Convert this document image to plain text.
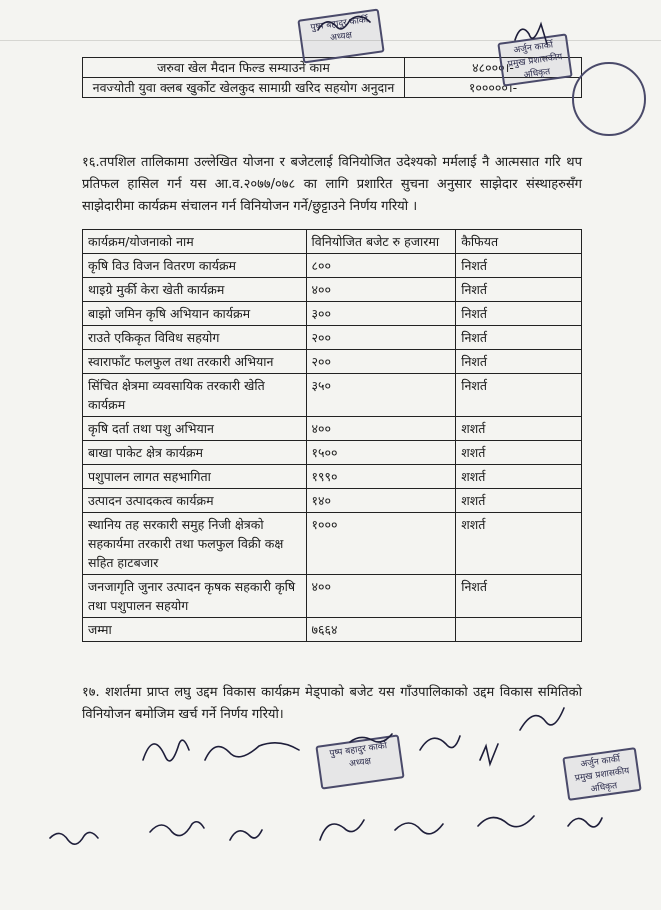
जरुवा खेल मैदान फिल्ड सम्याउने काम	४८०००।-
नवज्योती युवा क्लब खुर्कोट खेलकुद सामाग्री खरिद सहयोग अनुदान	१०००००।-
१६.तपशिल तालिकामा उल्लेखित योजना र बजेटलाई विनियोजित उदेश्यको मर्मलाई नै आत्मसात गरि थप प्रतिफल हासिल गर्न यस आ.व.२०७७/०७८ का लागि प्रशारित सुचना अनुसार साझेदार संस्थाहरुसँग साझेदारीमा कार्यक्रम संचालन गर्न विनियोजन गर्ने/छुट्टाउने निर्णय गरियो ।
कार्यक्रम/योजनाको नाम	विनियोजित बजेट रु हजारमा	कैफियत
कृषि विउ विजन वितरण कार्यक्रम	८००	निशर्त
थाइग्रे मुर्की केरा खेती कार्यक्रम	४००	निशर्त
बाझो जमिन कृषि अभियान कार्यक्रम	३००	निशर्त
राउते एकिकृत विविध सहयोग	२००	निशर्त
स्वाराफाँट फलफुल तथा तरकारी अभियान	२००	निशर्त
सिंचित क्षेत्रमा व्यवसायिक तरकारी खेति कार्यक्रम	३५०	निशर्त
कृषि दर्ता तथा पशु अभियान	४००	शशर्त
बाखा पाकेट क्षेत्र कार्यक्रम	१५००	शशर्त
पशुपालन लागत सहभागिता	१९९०	शशर्त
उत्पादन उत्पादकत्व कार्यक्रम	१४०	शशर्त
स्थानिय तह सरकारी समुह निजी क्षेत्रको सहकार्यमा तरकारी तथा फलफुल विक्री कक्ष सहित हाटबजार	१०००	शशर्त
जनजागृति जुनार उत्पादन कृषक सहकारी कृषि तथा पशुपालन सहयोग	४००	निशर्त
जम्मा	७६६४	
१७. शशर्तमा प्राप्त लघु उद्दम विकास कार्यक्रम मेड्पाको बजेट यस गाँउपालिकाको उद्दम विकास समितिको विनियोजन बमोजिम खर्च गर्ने निर्णय गरियो।
पुष्प बहादुर कार्की
अध्यक्ष
अर्जुन कार्की
प्रमुख प्रशासकीय अधिकृत
पुष्प बहादुर कार्की
अध्यक्ष	अर्जुन कार्की
प्रमुख प्रशासकीय अधिकृत
